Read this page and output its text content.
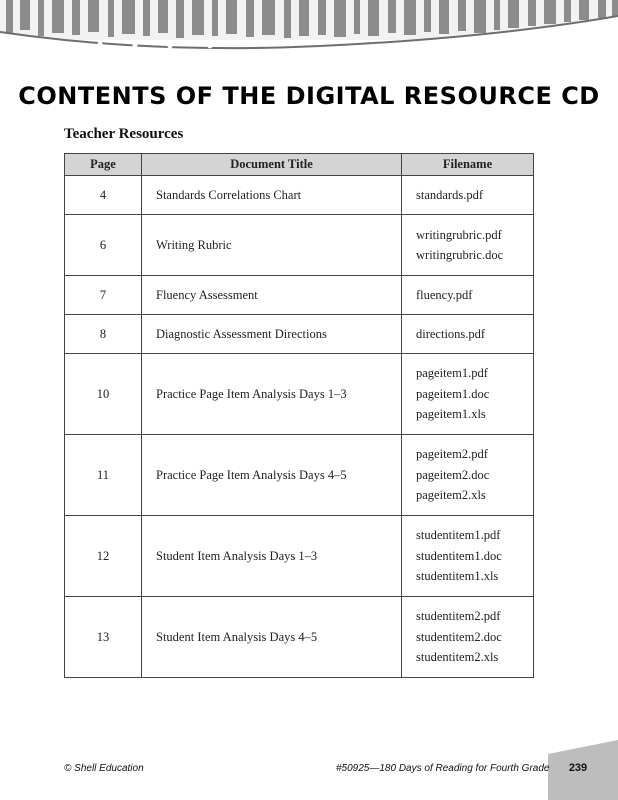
CONTENTS OF THE DIGITAL RESOURCE CD
Teacher Resources
Page	Document Title	Filename
4	Standards Correlations Chart	standards.pdf

6	Writing Rubric	writingrubric.pdf
writingrubric.doc

7	Fluency Assessment	fluency.pdf

8	Diagnostic Assessment Directions	directions.pdf

10	Practice Page Item Analysis Days 1–3	pageitem1.pdf
pageitem1.doc
pageitem1.xls

11	Practice Page Item Analysis Days 4–5	pageitem2.pdf
pageitem2.doc
pageitem2.xls

12	Student Item Analysis Days 1–3	studentitem1.pdf
studentitem1.doc
studentitem1.xls

13	Student Item Analysis Days 4–5	studentitem2.pdf
studentitem2.doc
studentitem2.xls
© Shell Education	#50925—180 Days of Reading for Fourth Grade	239
